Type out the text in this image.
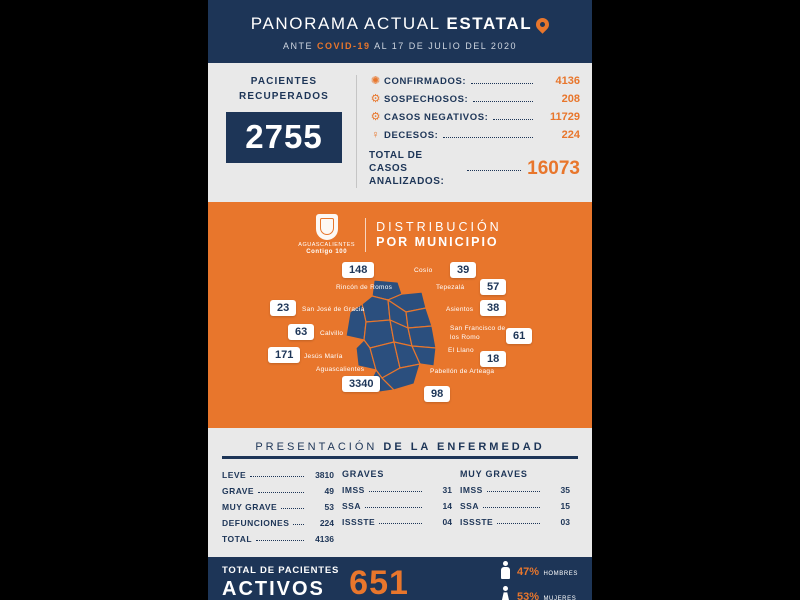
PANORAMA ACTUAL ESTATAL
ANTE COVID-19 AL 17 DE JULIO DEL 2020
PACIENTES RECUPERADOS
2755
✺ CONFIRMADOS:	4136
⚙ SOSPECHOSOS:	208
⚙ CASOS NEGATIVOS:	11729
♀ DECESOS:	224
TOTAL DE CASOS ANALIZADOS:
16073
AGUASCALIENTES
Contigo 100
DISTRIBUCIÓN
POR MUNICIPIO
Cosío	39
Tepezalá	57
148
Rincón de Romos
23	San José de Gracia	Asientos	38
63	Calvillo
San Francisco de los Romo	61
171	Jesús María
El Llano
18
Aguascalientes
3340
Pabellón de Arteaga
98
PRESENTACIÓN DE LA ENFERMEDAD
LEVE	3810
GRAVE	49
MUY GRAVE	53
DEFUNCIONES	224
TOTAL	4136
GRAVES
IMSS	31
SSA	14
ISSSTE	04
MUY GRAVES
IMSS	35
SSA	15
ISSSTE	03
TOTAL DE PACIENTES
ACTIVOS 651	47% HOMBRES
53% MUJERES
